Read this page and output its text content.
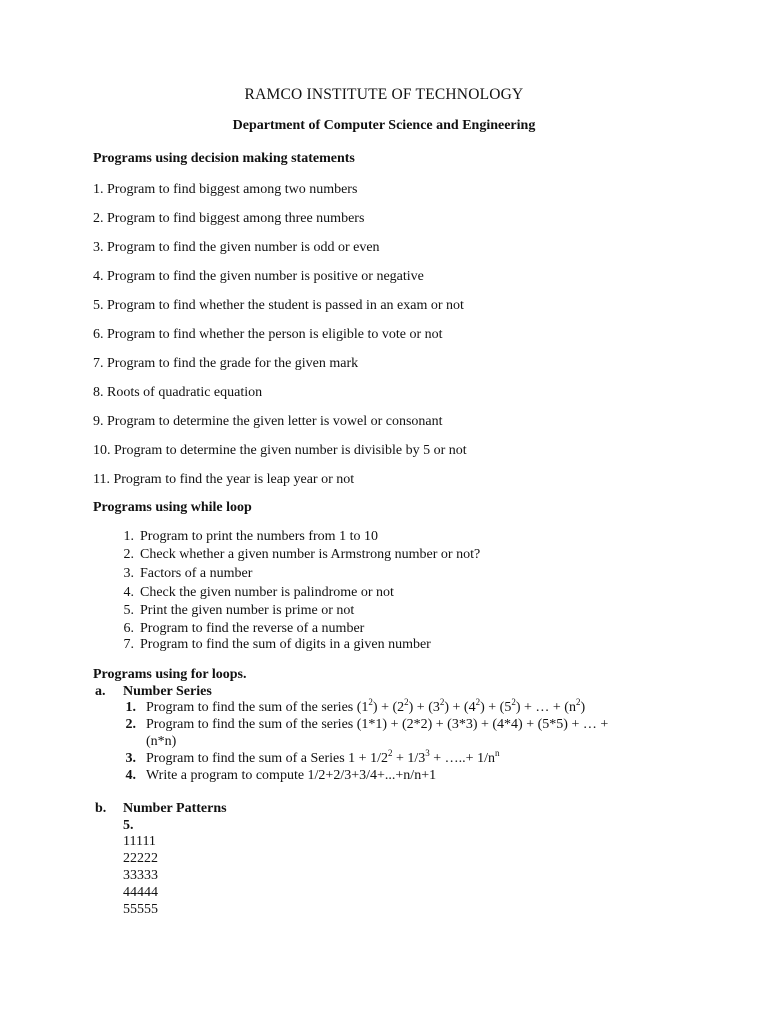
RAMCO INSTITUTE OF TECHNOLOGY
Department of Computer Science and Engineering
Programs using decision making statements
1. Program to find biggest among two numbers
2. Program to find biggest among three numbers
3. Program to find the given number is odd or even
4. Program to find the given number is positive or negative
5. Program to find whether the student is passed in an exam or not
6. Program to find whether the person is eligible to vote or not
7. Program to find the grade for the given mark
8. Roots of quadratic equation
9. Program to determine the given letter is vowel or consonant
10. Program to determine the given number is divisible by 5 or not
11. Program to find the year is leap year or not
Programs using while loop
1. Program to print the numbers from 1 to 10
2. Check whether a given number is Armstrong number or not?
3. Factors of a number
4. Check the given number is palindrome or not
5. Print the given number is prime or not
6. Program to find the reverse of a number
7. Program to find the sum of digits in a given number
Programs using for loops.
a. Number Series
1. Program to find the sum of the series $(1^2) + (2^2) + (3^2) + (4^2) + (5^2)$ + … + $(n^2)$
2. Program to find the sum of the series (1*1) + (2*2) + (3*3) + (4*4) + (5*5) + … +
(n*n)
3. Program to find the sum of a Series $1 + 1/2^2 + 1/3^3$ + …..+ $1/n^n$
4. Write a program to compute 1/2+2/3+3/4+...+n/n+1
b. Number Patterns
5.
11111
22222
33333
44444
55555
